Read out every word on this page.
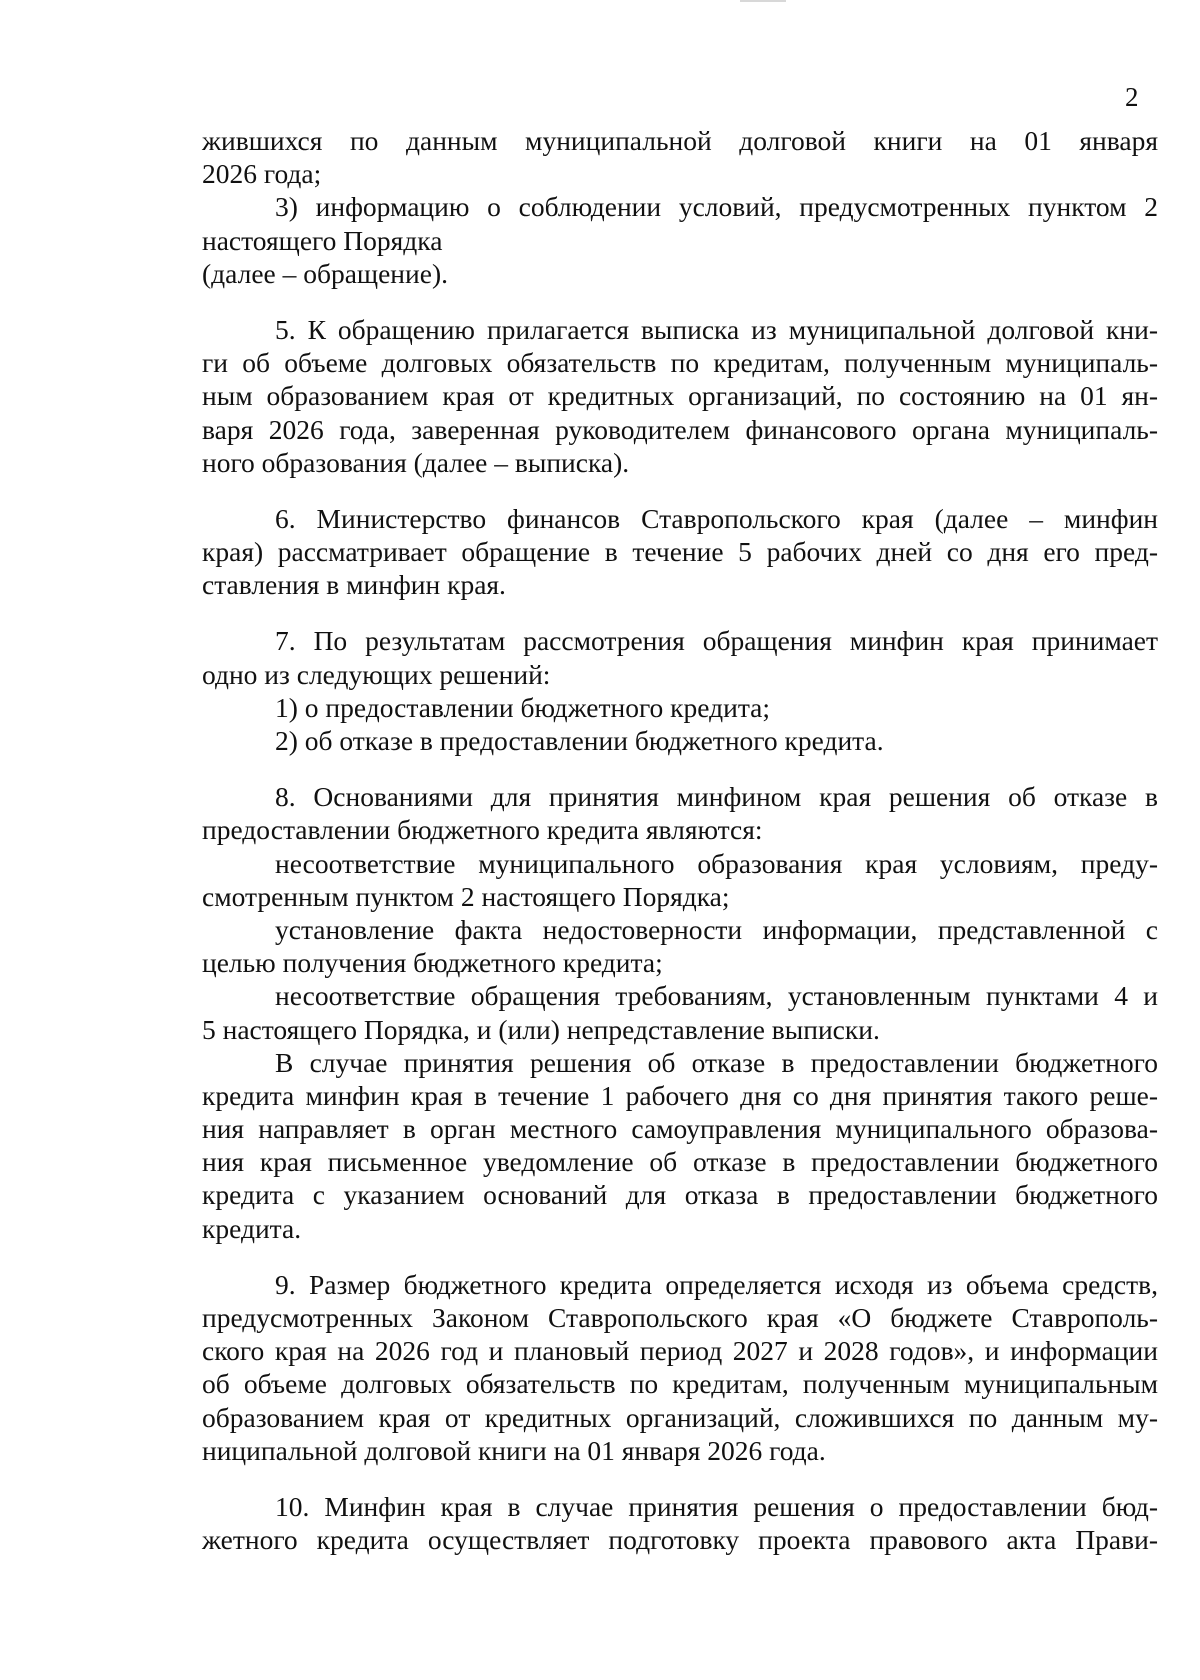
2
жившихся по данным муниципальной долговой книги на 01 января
2026 года;
3) информацию о соблюдении условий, предусмотренных пунктом 2
настоящего Порядка
(далее – обращение).
5. К обращению прилагается выписка из муниципальной долговой кни-
ги об объеме долговых обязательств по кредитам, полученным муниципаль-
ным образованием края от кредитных организаций, по состоянию на 01 ян-
варя 2026 года, заверенная руководителем финансового органа муниципаль-
ного образования (далее – выписка).
6. Министерство финансов Ставропольского края (далее – минфин
края) рассматривает обращение в течение 5 рабочих дней со дня его пред-
ставления в минфин края.
7. По результатам рассмотрения обращения минфин края принимает
одно из следующих решений:
1) о предоставлении бюджетного кредита;
2) об отказе в предоставлении бюджетного кредита.
8. Основаниями для принятия минфином края решения об отказе в
предоставлении бюджетного кредита являются:
несоответствие муниципального образования края условиям, преду-
смотренным пунктом 2 настоящего Порядка;
установление факта недостоверности информации, представленной с
целью получения бюджетного кредита;
несоответствие обращения требованиям, установленным пунктами 4 и
5 настоящего Порядка, и (или) непредставление выписки.
В случае принятия решения об отказе в предоставлении бюджетного
кредита минфин края в течение 1 рабочего дня со дня принятия такого реше-
ния направляет в орган местного самоуправления муниципального образова-
ния края письменное уведомление об отказе в предоставлении бюджетного
кредита с указанием оснований для отказа в предоставлении бюджетного
кредита.
9. Размер бюджетного кредита определяется исходя из объема средств,
предусмотренных Законом Ставропольского края «О бюджете Ставрополь-
ского края на 2026 год и плановый период 2027 и 2028 годов», и информации
об объеме долговых обязательств по кредитам, полученным муниципальным
образованием края от кредитных организаций, сложившихся по данным му-
ниципальной долговой книги на 01 января 2026 года.
10. Минфин края в случае принятия решения о предоставлении бюд-
жетного кредита осуществляет подготовку проекта правового акта Прави-
